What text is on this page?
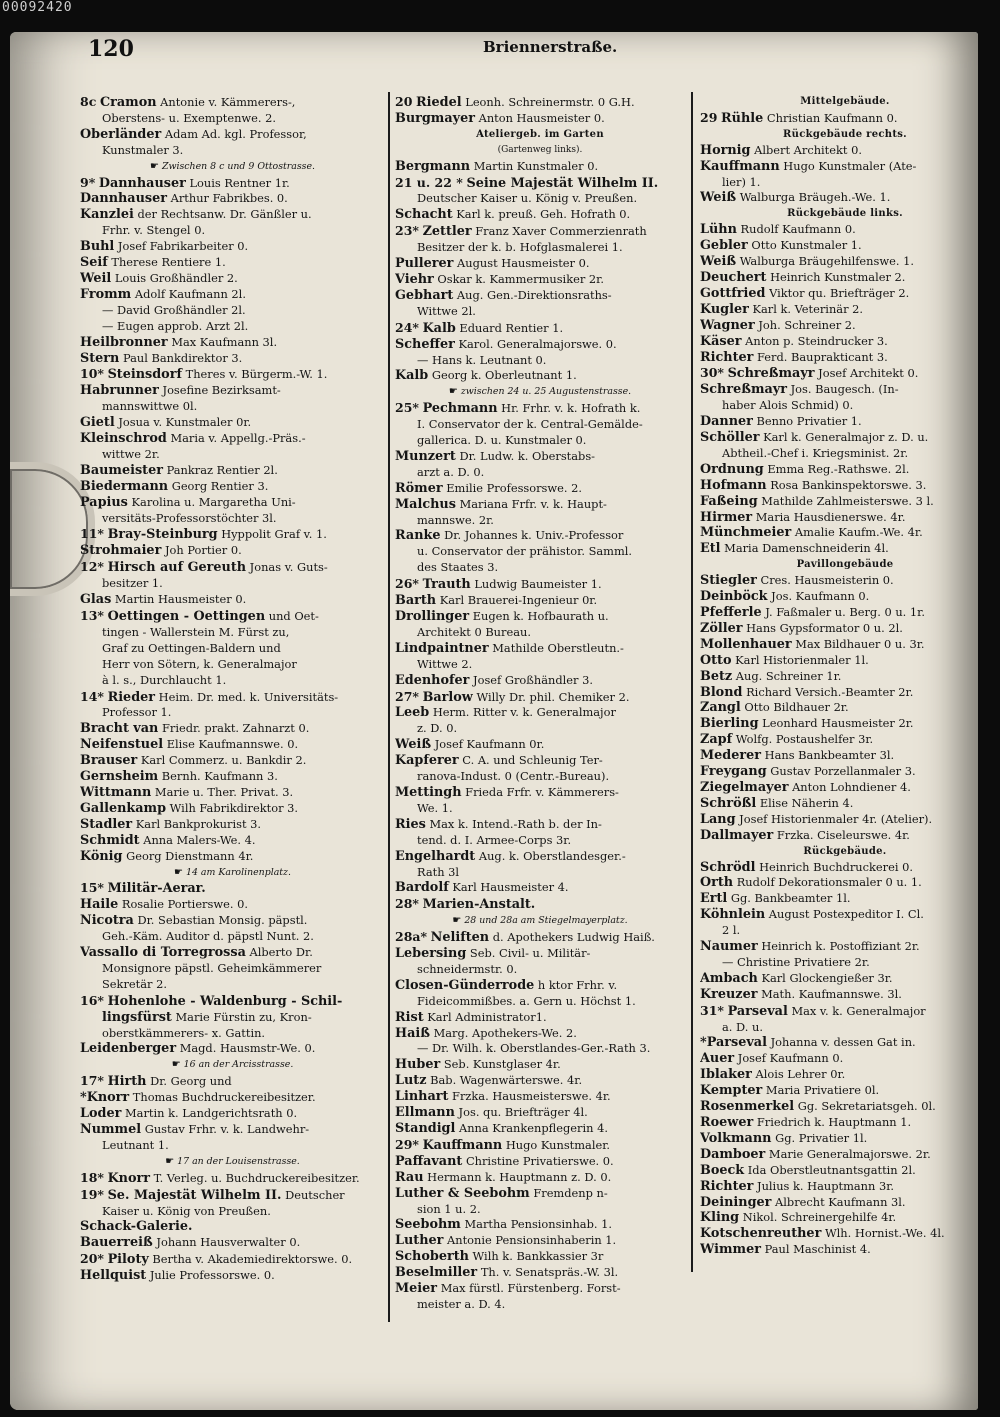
00092420
120	Briennerstraße.

8c Cramon Antonie v. Kämmerers-,

Oberstens- u. Exemptenwe. 2.

Oberländer Adam Ad. kgl. Professor,

Kunstmaler 3.

☛ Zwischen 8 c und 9 Ottostrasse.

9* Dannhauser Louis Rentner 1r.

Dannhauser Arthur Fabrikbes. 0.

Kanzlei der Rechtsanw. Dr. Gänßler u.

Frhr. v. Stengel 0.

Buhl Josef Fabrikarbeiter 0.

Seif Therese Rentiere 1.

Weil Louis Großhändler 2.

Fromm Adolf Kaufmann 2l.

— David Großhändler 2l.

— Eugen approb. Arzt 2l.

Heilbronner Max Kaufmann 3l.

Stern Paul Bankdirektor 3.

10* Steinsdorf Theres v. Bürgerm.-W. 1.

Habrunner Josefine Bezirksamt-

mannswittwe 0l.

Gietl Josua v. Kunstmaler 0r.

Kleinschrod Maria v. Appellg.-Präs.-

wittwe 2r.

Baumeister Pankraz Rentier 2l.

Biedermann Georg Rentier 3.

Papius Karolina u. Margaretha Uni-

versitäts-Professorstöchter 3l.

11* Bray-Steinburg Hyppolit Graf v. 1.

Strohmaier Joh Portier 0.

12* Hirsch auf Gereuth Jonas v. Guts-

besitzer 1.

Glas Martin Hausmeister 0.

13* Oettingen - Oettingen und Oet-

tingen - Wallerstein M. Fürst zu,

Graf zu Oettingen-Baldern und

Herr von Sötern, k. Generalmajor

à l. s., Durchlaucht 1.

14* Rieder Heim. Dr. med. k. Universitäts-

Professor 1.

Bracht van Friedr. prakt. Zahnarzt 0.

Neifenstuel Elise Kaufmannswe. 0.

Brauser Karl Commerz. u. Bankdir 2.

Gernsheim Bernh. Kaufmann 3.

Wittmann Marie u. Ther. Privat. 3.

Gallenkamp Wilh Fabrikdirektor 3.

Stadler Karl Bankprokurist 3.

Schmidt Anna Malers-We. 4.

König Georg Dienstmann 4r.

☛ 14 am Karolinenplatz.

15* Militär-Aerar.

Haile Rosalie Portierswe. 0.

Nicotra Dr. Sebastian Monsig. päpstl.

Geh.-Käm. Auditor d. päpstl Nunt. 2.

Vassallo di Torregrossa Alberto Dr.

Monsignore päpstl. Geheimkämmerer

Sekretär 2.

16* Hohenlohe - Waldenburg - Schil-

lingsfürst Marie Fürstin zu, Kron-

oberstkämmerers- x. Gattin.

Leidenberger Magd. Hausmstr-We. 0.

☛ 16 an der Arcisstrasse.

17* Hirth Dr. Georg und

*Knorr Thomas Buchdruckereibesitzer.

Loder Martin k. Landgerichtsrath 0.

Nummel Gustav Frhr. v. k. Landwehr-

Leutnant 1.

☛ 17 an der Louisenstrasse.

18* Knorr T. Verleg. u. Buchdruckereibesitzer.

19* Se. Majestät Wilhelm II. Deutscher

Kaiser u. König von Preußen.

Schack-Galerie.

Bauerreiß Johann Hausverwalter 0.

20* Piloty Bertha v. Akademiedirektorswe. 0.

Hellquist Julie Professorswe. 0.

20 Riedel Leonh. Schreinermstr. 0 G.H.

Burgmayer Anton Hausmeister 0.

Ateliergeb. im Garten
(Gartenweg links).

Bergmann Martin Kunstmaler 0.

21 u. 22 * Seine Majestät Wilhelm II.

Deutscher Kaiser u. König v. Preußen.

Schacht Karl k. preuß. Geh. Hofrath 0.

23* Zettler Franz Xaver Commerzienrath

Besitzer der k. b. Hofglasmalerei 1.

Pullerer August Hausmeister 0.

Viehr Oskar k. Kammermusiker 2r.

Gebhart Aug. Gen.-Direktionsraths-

Wittwe 2l.

24* Kalb Eduard Rentier 1.

Scheffer Karol. Generalmajorswe. 0.

— Hans k. Leutnant 0.

Kalb Georg k. Oberleutnant 1.

☛ zwischen 24 u. 25 Augustenstrasse.

25* Pechmann Hr. Frhr. v. k. Hofrath k.

I. Conservator der k. Central-Gemälde-

gallerica. D. u. Kunstmaler 0.

Munzert Dr. Ludw. k. Oberstabs-

arzt a. D. 0.

Römer Emilie Professorswe. 2.

Malchus Mariana Frfr. v. k. Haupt-

mannswe. 2r.

Ranke Dr. Johannes k. Univ.-Professor

u. Conservator der prähistor. Samml.

des Staates 3.

26* Trauth Ludwig Baumeister 1.

Barth Karl Brauerei-Ingenieur 0r.

Drollinger Eugen k. Hofbaurath u.

Architekt 0 Bureau.

Lindpaintner Mathilde Oberstleutn.-

Wittwe 2.

Edenhofer Josef Großhändler 3.

27* Barlow Willy Dr. phil. Chemiker 2.

Leeb Herm. Ritter v. k. Generalmajor

z. D. 0.

Weiß Josef Kaufmann 0r.

Kapferer C. A. und Schleunig Ter-

ranova-Indust. 0 (Centr.-Bureau).

Mettingh Frieda Frfr. v. Kämmerers-

We. 1.

Ries Max k. Intend.-Rath b. der In-

tend. d. I. Armee-Corps 3r.

Engelhardt Aug. k. Oberstlandesger.-

Rath 3l

Bardolf Karl Hausmeister 4.

28* Marien-Anstalt.

☛ 28 und 28a am Stiegelmayerplatz.

28a* Neliften d. Apothekers Ludwig Haiß.

Lebersing Seb. Civil- u. Militär-

schneidermstr. 0.

Closen-Günderrode h ktor Frhr. v.

Fideicommißbes. a. Gern u. Höchst 1.

Rist Karl Administrator1.

Haiß Marg. Apothekers-We. 2.

— Dr. Wilh. k. Oberstlandes-Ger.-Rath 3.

Huber Seb. Kunstglaser 4r.

Lutz Bab. Wagenwärterswe. 4r.

Linhart Frzka. Hausmeisterswe. 4r.

Ellmann Jos. qu. Briefträger 4l.

Standigl Anna Krankenpflegerin 4.

29* Kauffmann Hugo Kunstmaler.

Paffavant Christine Privatierswe. 0.

Rau Hermann k. Hauptmann z. D. 0.

Luther & Seebohm Fremdenp n-

sion 1 u. 2.

Seebohm Martha Pensionsinhab. 1.

Luther Antonie Pensionsinhaberin 1.

Schoberth Wilh k. Bankkassier 3r

Beselmiller Th. v. Senatspräs.-W. 3l.

Meier Max fürstl. Fürstenberg. Forst-

meister a. D. 4.

Mittelgebäude.

29 Rühle Christian Kaufmann 0.

Rückgebäude rechts.

Hornig Albert Architekt 0.

Kauffmann Hugo Kunstmaler (Ate-

lier) 1.

Weiß Walburga Bräugeh.-We. 1.

Rückgebäude links.

Lühn Rudolf Kaufmann 0.

Gebler Otto Kunstmaler 1.

Weiß Walburga Bräugehilfenswe. 1.

Deuchert Heinrich Kunstmaler 2.

Gottfried Viktor qu. Briefträger 2.

Kugler Karl k. Veterinär 2.

Wagner Joh. Schreiner 2.

Käser Anton p. Steindrucker 3.

Richter Ferd. Bauprakticant 3.

30* Schreßmayr Josef Architekt 0.

Schreßmayr Jos. Baugesch. (In-

haber Alois Schmid) 0.

Danner Benno Privatier 1.

Schöller Karl k. Generalmajor z. D. u.

Abtheil.-Chef i. Kriegsminist. 2r.

Ordnung Emma Reg.-Rathswe. 2l.

Hofmann Rosa Bankinspektorswe. 3.

Faßeing Mathilde Zahlmeisterswe. 3 l.

Hirmer Maria Hausdienerswe. 4r.

Münchmeier Amalie Kaufm.-We. 4r.

Etl Maria Damenschneiderin 4l.

Pavillongebäude

Stiegler Cres. Hausmeisterin 0.

Deinböck Jos. Kaufmann 0.

Pfefferle J. Faßmaler u. Berg. 0 u. 1r.

Zöller Hans Gypsformator 0 u. 2l.

Mollenhauer Max Bildhauer 0 u. 3r.

Otto Karl Historienmaler 1l.

Betz Aug. Schreiner 1r.

Blond Richard Versich.-Beamter 2r.

Zangl Otto Bildhauer 2r.

Bierling Leonhard Hausmeister 2r.

Zapf Wolfg. Postaushelfer 3r.

Mederer Hans Bankbeamter 3l.

Freygang Gustav Porzellanmaler 3.

Ziegelmayer Anton Lohndiener 4.

Schrößl Elise Näherin 4.

Lang Josef Historienmaler 4r. (Atelier).

Dallmayer Frzka. Ciseleurswe. 4r.

Rückgebäude.

Schrödl Heinrich Buchdruckerei 0.

Orth Rudolf Dekorationsmaler 0 u. 1.

Ertl Gg. Bankbeamter 1l.

Köhnlein August Postexpeditor I. Cl.

2 l.

Naumer Heinrich k. Postoffiziant 2r.

— Christine Privatiere 2r.

Ambach Karl Glockengießer 3r.

Kreuzer Math. Kaufmannswe. 3l.

31* Parseval Max v. k. Generalmajor

a. D. u.

*Parseval Johanna v. dessen Gat in.

Auer Josef Kaufmann 0.

Iblaker Alois Lehrer 0r.

Kempter Maria Privatiere 0l.

Rosenmerkel Gg. Sekretariatsgeh. 0l.

Roewer Friedrich k. Hauptmann 1.

Volkmann Gg. Privatier 1l.

Damboer Marie Generalmajorswe. 2r.

Boeck Ida Oberstleutnantsgattin 2l.

Richter Julius k. Hauptmann 3r.

Deininger Albrecht Kaufmann 3l.

Kling Nikol. Schreinergehilfe 4r.

Kotschenreuther Wlh. Hornist.-We. 4l.

Wimmer Paul Maschinist 4.
